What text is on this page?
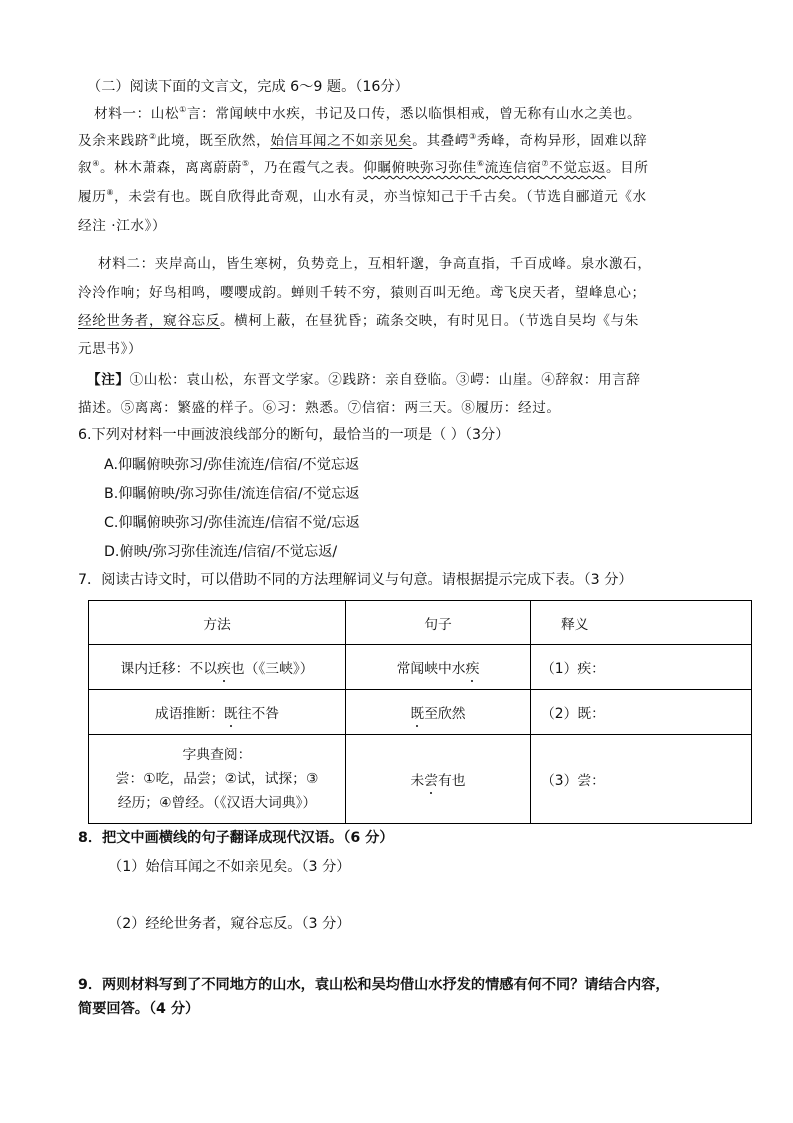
（二）阅读下面的文言文，完成 6～9 题。（16分）
材料一：山松①言：常闻峡中水疾，书记及口传，悉以临惧相戒，曾无称有山水之美也。
及余来践跻②此境，既至欣然，始信耳闻之不如亲见矣。其叠崿③秀峰，奇构异形，固难以辞
叙④。林木萧森，离离蔚蔚⑤，乃在霞气之表。仰瞩俯映弥习弥佳⑥流连信宿⑦不觉忘返。目所
履历⑧，未尝有也。既自欣得此奇观，山水有灵，亦当惊知己于千古矣。（节选自郦道元《水
经注 ·江水》）
材料二：夹岸高山，皆生寒树，负势竞上，互相轩邈，争高直指，千百成峰。泉水激石，
泠泠作响；好鸟相鸣，嘤嘤成韵。蝉则千转不穷，猿则百叫无绝。鸢飞戾天者，望峰息心；
经纶世务者，窥谷忘反。横柯上蔽，在昼犹昏；疏条交映，有时见日。（节选自吴均《与朱
元思书》）
【注】①山松：袁山松，东晋文学家。②践跻：亲自登临。③崿：山崖。④辞叙：用言辞
描述。⑤离离：繁盛的样子。⑥习：熟悉。⑦信宿：两三天。⑧履历：经过。
6.下列对材料一中画波浪线部分的断句，最恰当的一项是（ ）（3分）
A.仰瞩俯映弥习/弥佳流连/信宿/不觉忘返
B.仰瞩俯映/弥习弥佳/流连信宿/不觉忘返
C.仰瞩俯映弥习/弥佳流连/信宿不觉/忘返
D.俯映/弥习弥佳流连/信宿/不觉忘返/
7．阅读古诗文时，可以借助不同的方法理解词义与句意。请根据提示完成下表。（3 分）
方法	句子	释义
课内迁移：不以疾也（《三峡》）	常闻峡中水疾	（1）疾：
成语推断：既往不咎	既至欣然	（2）既：

字典查阅：
尝：①吃，品尝；②试，试探；③
经历；④曾经。（《汉语大词典》）	未尝有也	（3）尝：
8．把文中画横线的句子翻译成现代汉语。（6 分）
（1）始信耳闻之不如亲见矣。（3 分）
（2）经纶世务者，窥谷忘反。（3 分）
9．两则材料写到了不同地方的山水，袁山松和吴均借山水抒发的情感有何不同？请结合内容，
简要回答。（4 分）
